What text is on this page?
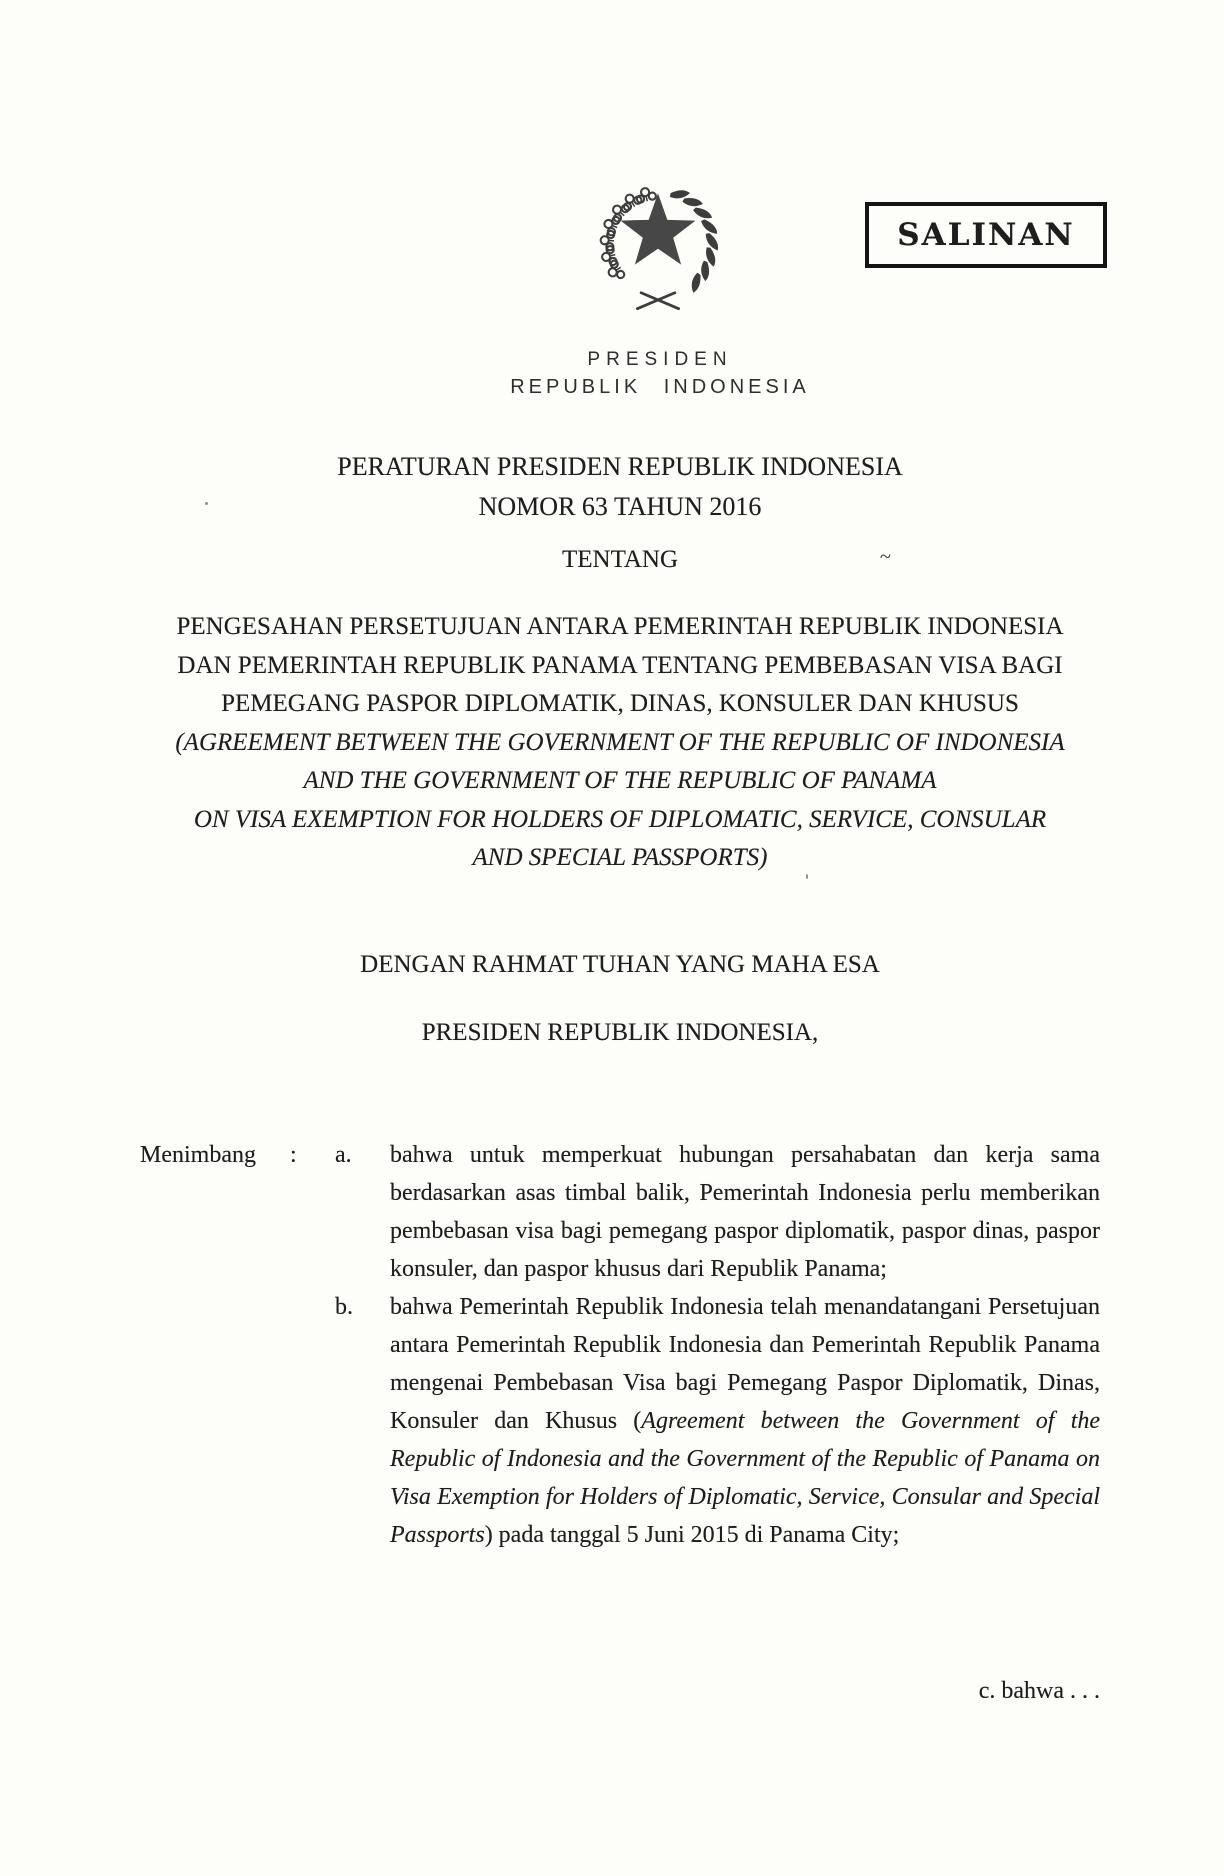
SALINAN
PRESIDEN
REPUBLIK INDONESIA
PERATURAN PRESIDEN REPUBLIK INDONESIA
NOMOR 63 TAHUN 2016
TENTANG	~
PENGESAHAN PERSETUJUAN ANTARA PEMERINTAH REPUBLIK INDONESIA
DAN PEMERINTAH REPUBLIK PANAMA TENTANG PEMBEBASAN VISA BAGI
PEMEGANG PASPOR DIPLOMATIK, DINAS, KONSULER DAN KHUSUS
(AGREEMENT BETWEEN THE GOVERNMENT OF THE REPUBLIC OF INDONESIA
AND THE GOVERNMENT OF THE REPUBLIC OF PANAMA
ON VISA EXEMPTION FOR HOLDERS OF DIPLOMATIC, SERVICE, CONSULAR
AND SPECIAL PASSPORTS)
DENGAN RAHMAT TUHAN YANG MAHA ESA
PRESIDEN REPUBLIK INDONESIA,
Menimbang	:	a.	bahwa untuk memperkuat hubungan persahabatan dan kerja sama berdasarkan asas timbal balik, Pemerintah Indonesia perlu memberikan pembebasan visa bagi pemegang paspor diplomatik, paspor dinas, paspor konsuler, dan paspor khusus dari Republik Panama;
b.	bahwa Pemerintah Republik Indonesia telah menandatangani Persetujuan antara Pemerintah Republik Indonesia dan Pemerintah Republik Panama mengenai Pembebasan Visa bagi Pemegang Paspor Diplomatik, Dinas, Konsuler dan Khusus (Agreement between the Government of the Republic of Indonesia and the Government of the Republic of Panama on Visa Exemption for Holders of Diplomatic, Service, Consular and Special Passports) pada tanggal 5 Juni 2015 di Panama City;
c. bahwa . . .
